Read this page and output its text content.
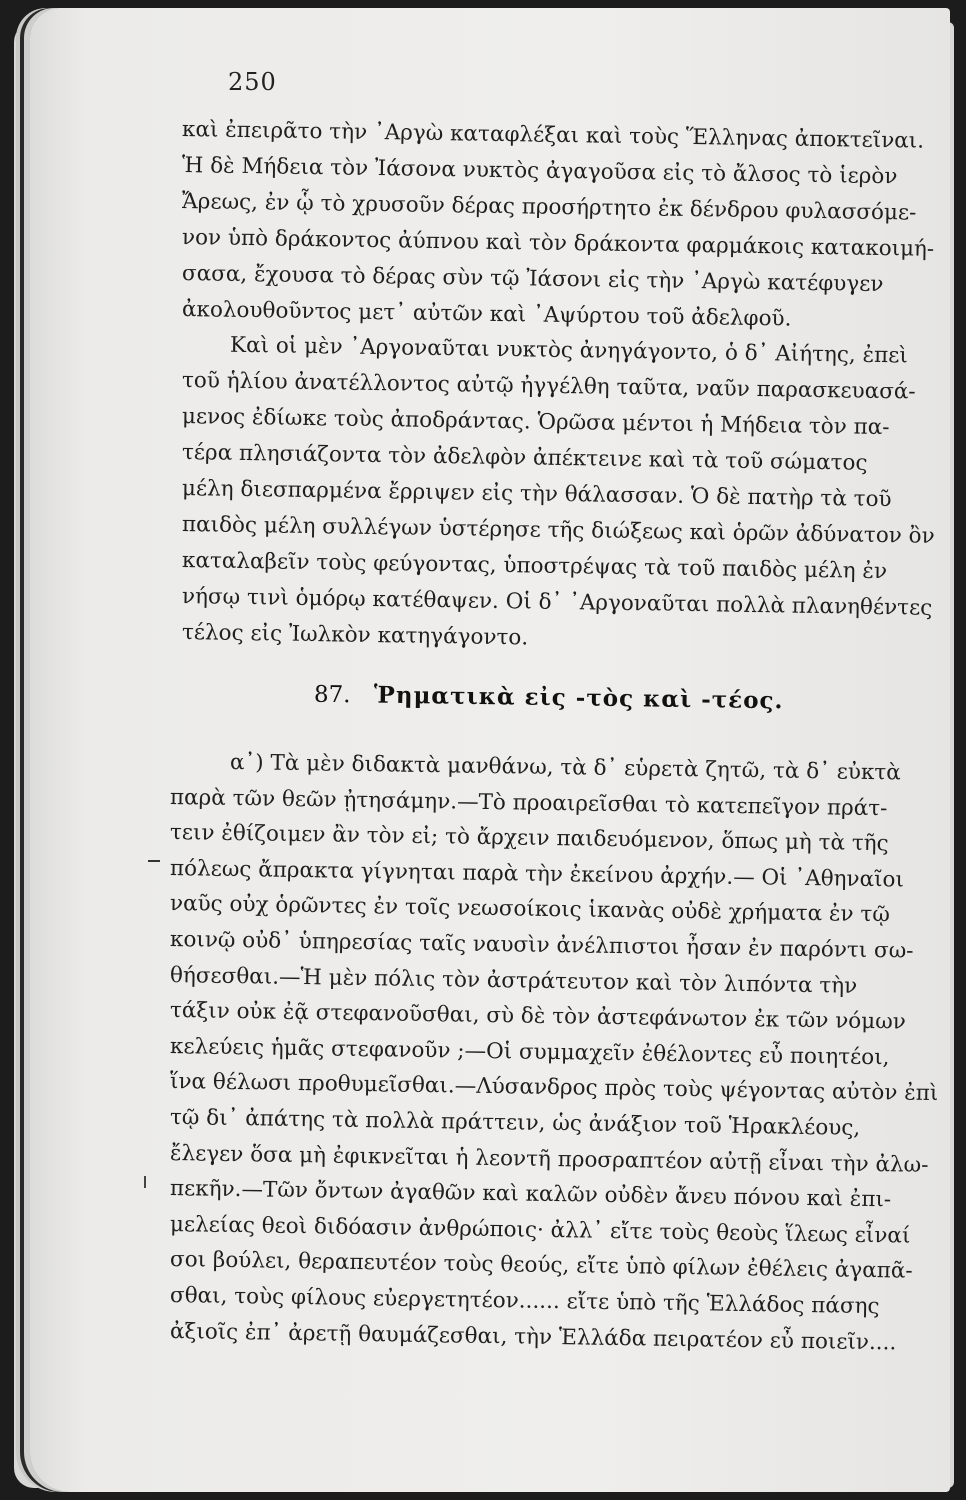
250
καὶ ἐπειρᾶτο τὴν ᾿Αργὼ καταφλέξαι καὶ τοὺς Ἕλληνας ἀποκτεῖναι.
Ἡ δὲ Μήδεια τὸν Ἰάσονα νυκτὸς ἀγαγοῦσα εἰς τὸ ἄλσος τὸ ἱερὸν
Ἄρεως, ἐν ᾧ τὸ χρυσοῦν δέρας προσήρτητο ἐκ δένδρου φυλασσόμε-
νον ὑπὸ δράκοντος ἀύπνου καὶ τὸν δράκοντα φαρμάκοις κατακοιμή-
σασα, ἔχουσα τὸ δέρας σὺν τῷ Ἰάσονι εἰς τὴν ᾿Αργὼ κατέφυγεν
ἀκολουθοῦντος μετ᾿ αὐτῶν καὶ ᾿Αψύρτου τοῦ ἀδελφοῦ.
Καὶ οἱ μὲν ᾿Αργοναῦται νυκτὸς ἀνηγάγοντο, ὁ δ᾿ Αἰήτης, ἐπεὶ
τοῦ ἡλίου ἀνατέλλοντος αὐτῷ ἠγγέλθη ταῦτα, ναῦν παρασκευασά-
μενος ἐδίωκε τοὺς ἀποδράντας. Ὁρῶσα μέντοι ἡ Μήδεια τὸν πα-
τέρα πλησιάζοντα τὸν ἀδελφὸν ἀπέκτεινε καὶ τὰ τοῦ σώματος
μέλη διεσπαρμένα ἔρριψεν εἰς τὴν θάλασσαν. Ὁ δὲ πατὴρ τὰ τοῦ
παιδὸς μέλη συλλέγων ὑστέρησε τῆς διώξεως καὶ ὁρῶν ἀδύνατον ὂν
καταλαβεῖν τοὺς φεύγοντας, ὑποστρέψας τὰ τοῦ παιδὸς μέλη ἐν
νήσῳ τινὶ ὁμόρῳ κατέθαψεν. Οἱ δ᾿ ᾿Αργοναῦται πολλὰ πλανηθέντες
τέλος εἰς Ἰωλκὸν κατηγάγοντο.
87. Ῥηματικὰ εἰς -τὸς καὶ -τέος.
α᾿) Τὰ μὲν διδακτὰ μανθάνω, τὰ δ᾿ εὑρετὰ ζητῶ, τὰ δ᾿ εὐκτὰ
παρὰ τῶν θεῶν ᾐτησάμην.—Τὸ προαιρεῖσθαι τὸ κατεπεῖγον πράτ-
τειν ἐθίζοιμεν ἂν τὸν εἰ; τὸ ἄρχειν παιδευόμενον, ὅπως μὴ τὰ τῆς
πόλεως ἄπρακτα γίγνηται παρὰ τὴν ἐκείνου ἀρχήν.— Οἱ ᾿Αθηναῖοι
ναῦς οὐχ ὁρῶντες ἐν τοῖς νεωσοίκοις ἱκανὰς οὐδὲ χρήματα ἐν τῷ
κοινῷ οὐδ᾿ ὑπηρεσίας ταῖς ναυσὶν ἀνέλπιστοι ἦσαν ἐν παρόντι σω-
θήσεσθαι.—Ἡ μὲν πόλις τὸν ἀστράτευτον καὶ τὸν λιπόντα τὴν
τάξιν οὐκ ἐᾷ στεφανοῦσθαι, σὺ δὲ τὸν ἀστεφάνωτον ἐκ τῶν νόμων
κελεύεις ἡμᾶς στεφανοῦν ;—Οἱ συμμαχεῖν ἐθέλοντες εὖ ποιητέοι,
ἵνα θέλωσι προθυμεῖσθαι.—Λύσανδρος πρὸς τοὺς ψέγοντας αὐτὸν ἐπὶ
τῷ δι᾿ ἀπάτης τὰ πολλὰ πράττειν, ὡς ἀνάξιον τοῦ Ἡρακλέους,
ἔλεγεν ὅσα μὴ ἐφικνεῖται ἡ λεοντῆ προσραπτέον αὐτῇ εἶναι τὴν ἀλω-
πεκῆν.—Τῶν ὄντων ἀγαθῶν καὶ καλῶν οὐδὲν ἄνευ πόνου καὶ ἐπι-
μελείας θεοὶ διδόασιν ἀνθρώποις· ἀλλ᾿ εἴτε τοὺς θεοὺς ἵλεως εἶναί
σοι βούλει, θεραπευτέον τοὺς θεούς, εἴτε ὑπὸ φίλων ἐθέλεις ἀγαπᾶ-
σθαι, τοὺς φίλους εὐεργετητέον...... εἴτε ὑπὸ τῆς Ἑλλάδος πάσης
ἀξιοῖς ἐπ᾿ ἀρετῇ θαυμάζεσθαι, τὴν Ἑλλάδα πειρατέον εὖ ποιεῖν....
